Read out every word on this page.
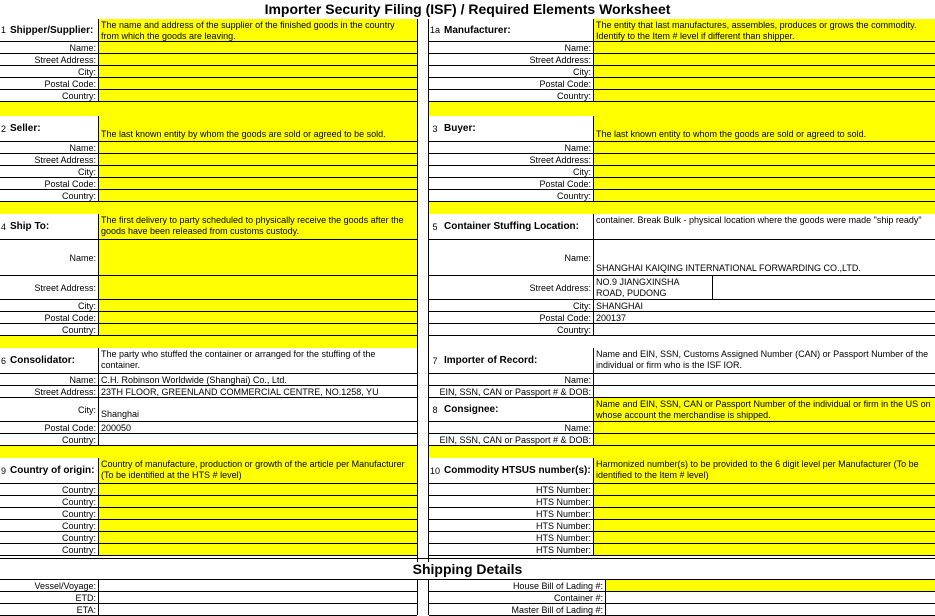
Importer Security Filing (ISF) / Required Elements Worksheet
1 Shipper/Supplier: The name and address of the supplier of the finished goods in the country from which the goods are leaving.
Name:
Street Address:
City:
Postal Code:
Country:
2 Seller:	The last known entity by whom the goods are sold or agreed to be sold.
Name:
Street Address:
City:
Postal Code:
Country:
4 Ship To:
The first delivery to party scheduled to physically receive the goods after the goods have been released from customs custody.
Name:
Street Address:
City:
Postal Code:
Country:
6 Consolidator:
The party who stuffed the container or arranged for the stuffing of the container.
Name: C.H. Robinson Worldwide (Shanghai) Co., Ltd.
Street Address: 23TH FLOOR, GREENLAND COMMERCIAL CENTRE, NO.1258, YU
City: Shanghai
Postal Code: 200050
Country:
9 Country of origin:
Country of manufacture, production or growth of the article per Manufacturer (To be identified at the HTS # level)
Country:
Country:
Country:
Country:
Country:
Country:
1a Manufacturer:	The entity that last manufactures, assembles, produces or grows the commodity. Identify to the Item # level if different than shipper.
Name:
Street Address:
City:
Postal Code:
Country:
3 Buyer:	The last known entity to whom the goods are sold or agreed to sold.
Name:
Street Address:
City:
Postal Code:
Country:
5 Container Stuffing Location:
container. Break Bulk - physical location where the goods were made "ship ready"
Name:
SHANGHAI KAIQING INTERNATIONAL FORWARDING CO.,LTD.
Street Address:
NO.9 JIANGXINSHA
ROAD, PUDONG
City: SHANGHAI
Postal Code: 200137
Country:
7 Importer of Record:
Name and EIN, SSN, Customs Assigned Number (CAN) or Passport Number of the individual or firm who is the ISF IOR.
Name:
EIN, SSN, CAN or Passport # & DOB:
8 Consignee:	Name and EIN, SSN, CAN or Passport Number of the individual or firm in the US on whose account the merchandise is shipped.
Name:
EIN, SSN, CAN or Passport # & DOB:
10 Commodity HTSUS number(s):
Harmonized number(s) to be provided to the 6 digit level per Manufacturer (To be identified to the Item # level)
HTS Number:
HTS Number:
HTS Number:
HTS Number:
HTS Number:
HTS Number:
Shipping Details
Vessel/Voyage:
ETD:
ETA:
House Bill of Lading #:
Container #:
Master Bill of Lading #:
